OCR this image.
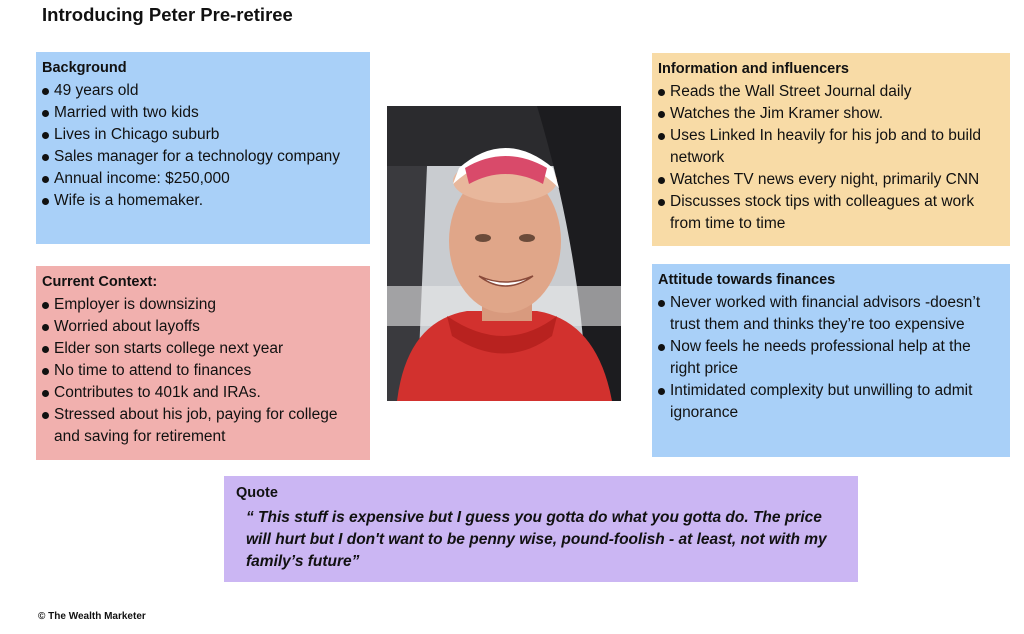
Introducing Peter Pre-retiree
Background
49 years old
Married with two kids
Lives in Chicago suburb
Sales manager for a technology company
Annual income: $250,000
Wife is a homemaker.
Current Context:
Employer is downsizing
Worried about layoffs
Elder son starts college next year
No time to attend to finances
Contributes to 401k and IRAs.
Stressed about his job, paying for college and saving for retirement
Information and influencers
Reads the Wall Street Journal daily
Watches the Jim Kramer show.
Uses Linked In heavily for his job and to build network
Watches TV news every night, primarily CNN
Discusses stock tips with colleagues at work from time to time
Attitude towards finances
Never worked with financial advisors -doesn’t trust them and thinks they’re too expensive
Now feels he needs professional help at the right price
Intimidated complexity but unwilling to admit ignorance
Quote
“ This stuff is expensive but I guess you gotta do what you gotta do. The price will hurt but I don't want to be penny wise, pound-foolish - at least, not with my family’s future”
© The Wealth Marketer
